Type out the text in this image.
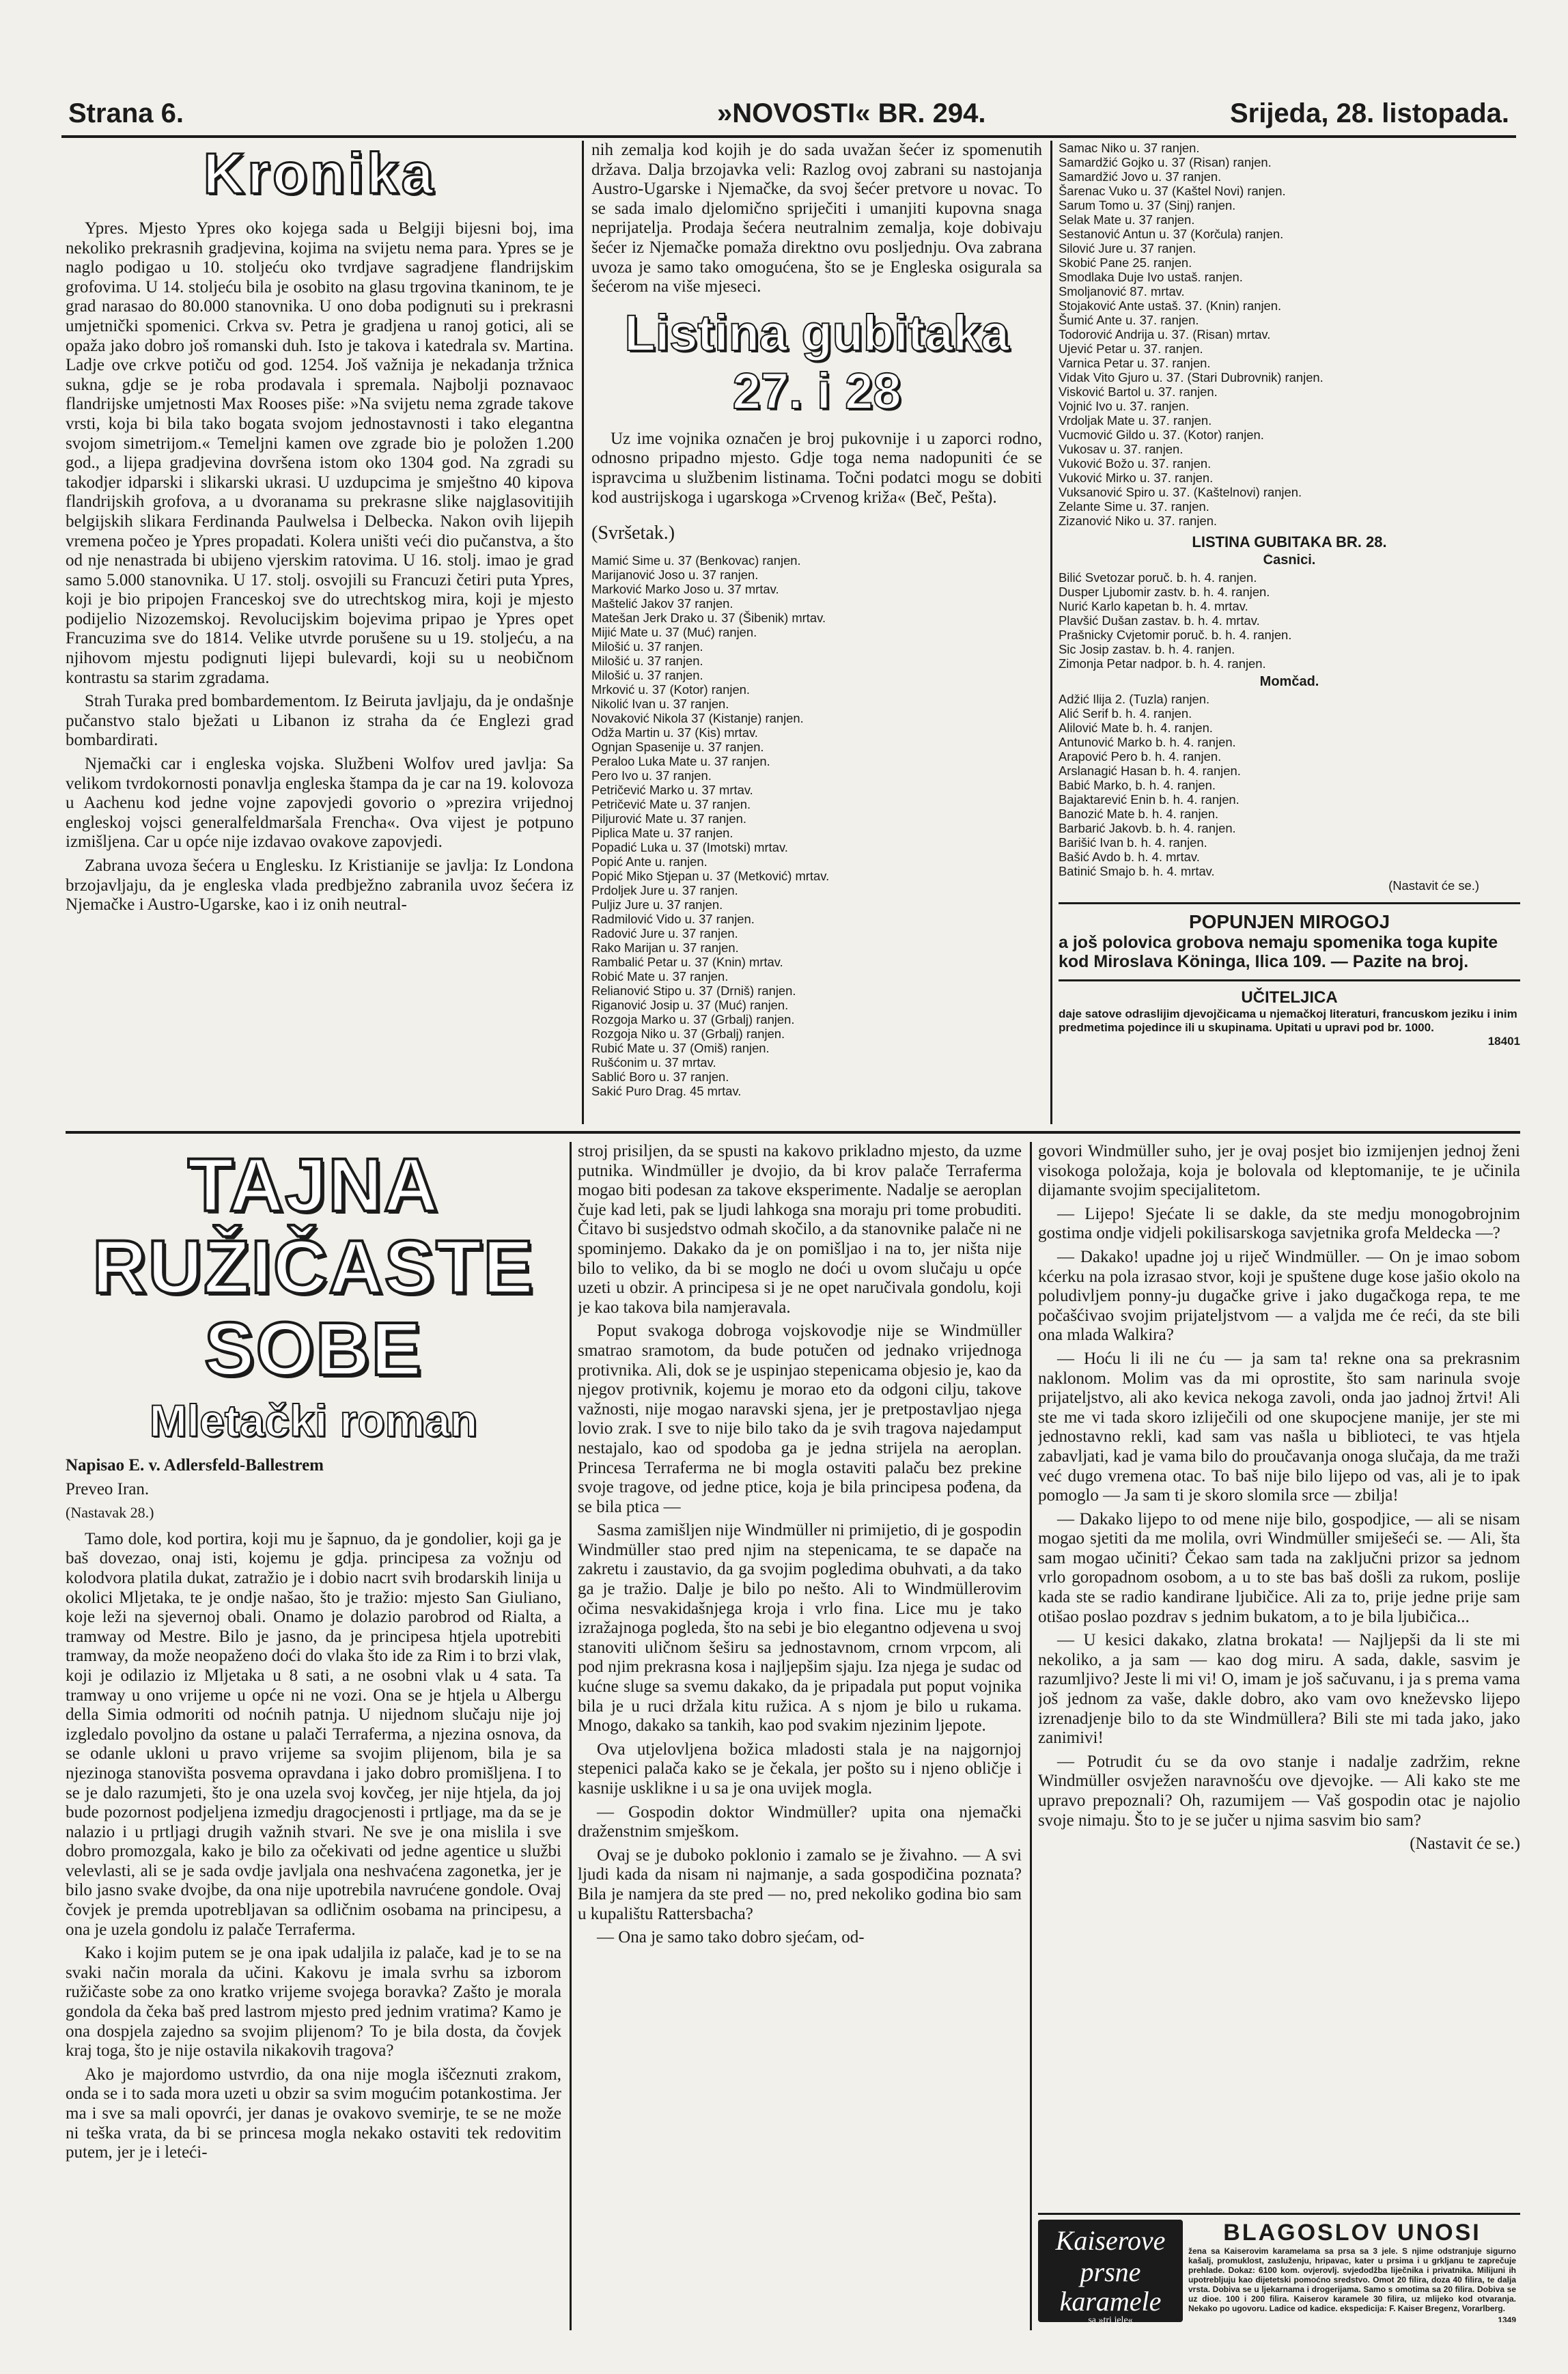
Strana 6.	»NOVOSTI« BR. 294.	Srijeda, 28. listopada.
Kronika

Ypres. Mjesto Ypres oko kojega sada u Belgiji bijesni boj, ima nekoliko prekrasnih gradjevina, kojima na svijetu nema para. Ypres se je naglo podigao u 10. stoljeću oko tvrdjave sagradjene flandrijskim grofovima. U 14. stoljeću bila je osobito na glasu trgovina tkaninom, te je grad narasao do 80.000 stanovnika. U ono doba podignuti su i prekrasni umjetnički spomenici. Crkva sv. Petra je gradjena u ranoj gotici, ali se opaža jako dobro još romanski duh. Isto je takova i katedrala sv. Martina. Ladje ove crkve potiču od god. 1254. Još važnija je nekadanja tržnica sukna, gdje se je roba prodavala i spremala. Najbolji poznavaoc flandrijske umjetnosti Max Rooses piše: »Na svijetu nema zgrade takove vrsti, koja bi bila tako bogata svojom jednostavnosti i tako elegantna svojom simetrijom.« Temeljni kamen ove zgrade bio je položen 1.200 god., a lijepa gradjevina dovršena istom oko 1304 god. Na zgradi su takodjer idparski i slikarski ukrasi. U uzdupcima je smještno 40 kipova flandrijskih grofova, a u dvoranama su prekrasne slike najglasovitijih belgijskih slikara Ferdinanda Paulwelsa i Delbecka. Nakon ovih lijepih vremena počeo je Ypres propadati. Kolera uništi veći dio pučanstva, a što od nje nenastrada bi ubijeno vjerskim ratovima. U 16. stolj. imao je grad samo 5.000 stanovnika. U 17. stolj. osvojili su Francuzi četiri puta Ypres, koji je bio pripojen Franceskoj sve do utrechtskog mira, koji je mjesto podijelio Nizozemskoj. Revolucijskim bojevima pripao je Ypres opet Francuzima sve do 1814. Velike utvrde porušene su u 19. stoljeću, a na njihovom mjestu podignuti lijepi bulevardi, koji su u neobičnom kontrastu sa starim zgradama.

Strah Turaka pred bombardementom. Iz Beiruta javljaju, da je ondašnje pučanstvo stalo bježati u Libanon iz straha da će Englezi grad bombardirati.

Njemački car i engleska vojska. Službeni Wolfov ured javlja: Sa velikom tvrdokornosti ponavlja engleska štampa da je car na 19. kolovoza u Aachenu kod jedne vojne zapovjedi govorio o »prezira vrijednoj engleskoj vojsci generalfeldmaršala Frencha«. Ova vijest je potpuno izmišljena. Car u opće nije izdavao ovakove zapovjedi.

Zabrana uvoza šećera u Englesku. Iz Kristianije se javlja: Iz Londona brzojavljaju, da je engleska vlada predbježno zabranila uvoz šećera iz Njemačke i Austro-Ugarske, kao i iz onih neutral-

nih zemalja kod kojih je do sada uvažan šećer iz spomenutih država. Dalja brzojavka veli: Razlog ovoj zabrani su nastojanja Austro-Ugarske i Njemačke, da svoj šećer pretvore u novac. To se sada imalo djelomično spriječiti i umanjiti kupovna snaga neprijatelja. Prodaja šećera neutralnim zemalja, koje dobivaju šećer iz Njemačke pomaža direktno ovu posljednju. Ova zabrana uvoza je samo tako omogućena, što se je Engleska osigurala sa šećerom na više mjeseci.

Listina gubitaka 27. i 28

Uz ime vojnika označen je broj pukovnije i u zaporci rodno, odnosno pripadno mjesto. Gdje toga nema nadopuniti će se ispravcima u službenim listinama. Točni podatci mogu se dobiti kod austrijskoga i ugarskoga »Crvenog križa« (Beč, Pešta).

(Svršetak.)

Mamić Sime u. 37 (Benkovac) ranjen.
Marijanović Joso u. 37 ranjen.
Marković Marko Joso u. 37 mrtav.
Maštelić Jakov 37 ranjen.
Matešan Jerk Drako u. 37 (Šibenik) mrtav.
Mijić Mate u. 37 (Muć) ranjen.
Milošić u. 37 ranjen.
Milošić u. 37 ranjen.
Milošić u. 37 ranjen.
Mrković u. 37 (Kotor) ranjen.
Nikolić Ivan u. 37 ranjen.
Novaković Nikola 37 (Kistanje) ranjen.
Odža Martin u. 37 (Kis) mrtav.
Ognjan Spasenije u. 37 ranjen.
Peraloo Luka Mate u. 37 ranjen.
Pero Ivo u. 37 ranjen.
Petričević Marko u. 37 mrtav.
Petričević Mate u. 37 ranjen.
Piljurović Mate u. 37 ranjen.
Piplica Mate u. 37 ranjen.
Popadić Luka u. 37 (Imotski) mrtav.
Popić Ante u. ranjen.
Popić Miko Stjepan u. 37 (Metković) mrtav.
Prdoljek Jure u. 37 ranjen.
Puljiz Jure u. 37 ranjen.
Radmilović Vido u. 37 ranjen.
Radović Jure u. 37 ranjen.
Rako Marijan u. 37 ranjen.
Rambalić Petar u. 37 (Knin) mrtav.
Robić Mate u. 37 ranjen.
Relianović Stipo u. 37 (Drniš) ranjen.
Riganović Josip u. 37 (Muć) ranjen.
Rozgoja Marko u. 37 (Grbalj) ranjen.
Rozgoja Niko u. 37 (Grbalj) ranjen.
Rubić Mate u. 37 (Omiš) ranjen.
Rušćonim u. 37 mrtav.
Sablić Boro u. 37 ranjen.
Sakić Puro Drag. 45 mrtav.
Samac Niko u. 37 ranjen.
Samardžić Gojko u. 37 (Risan) ranjen.
Samardžić Jovo u. 37 ranjen.
Šarenac Vuko u. 37 (Kaštel Novi) ranjen.
Sarum Tomo u. 37 (Sinj) ranjen.
Selak Mate u. 37 ranjen.
Sestanović Antun u. 37 (Korčula) ranjen.
Silović Jure u. 37 ranjen.
Skobić Pane 25. ranjen.
Smodlaka Duje Ivo ustaš. ranjen.
Smoljanović 87. mrtav.
Stojaković Ante ustaš. 37. (Knin) ranjen.
Šumić Ante u. 37. ranjen.
Todorović Andrija u. 37. (Risan) mrtav.
Ujević Petar u. 37. ranjen.
Varnica Petar u. 37. ranjen.
Vidak Vito Gjuro u. 37. (Stari Dubrovnik) ranjen.
Visković Bartol u. 37. ranjen.
Vojnić Ivo u. 37. ranjen.
Vrdoljak Mate u. 37. ranjen.
Vucmović Gildo u. 37. (Kotor) ranjen.
Vukosav u. 37. ranjen.
Vuković Božo u. 37. ranjen.
Vuković Mirko u. 37. ranjen.
Vuksanović Spiro u. 37. (Kaštelnovi) ranjen.
Zelante Sime u. 37. ranjen.
Zizanović Niko u. 37. ranjen.
LISTINA GUBITAKA BR. 28.
Časnici.
Bilić Svetozar poruč. b. h. 4. ranjen.
Dusper Ljubomir zastv. b. h. 4. ranjen.
Nurić Karlo kapetan b. h. 4. mrtav.
Plavšić Dušan zastav. b. h. 4. mrtav.
Prašnicky Cvjetomir poruč. b. h. 4. ranjen.
Sic Josip zastav. b. h. 4. ranjen.
Zimonja Petar nadpor. b. h. 4. ranjen.
Momčad.
Adžić Ilija 2. (Tuzla) ranjen.
Alić Serif b. h. 4. ranjen.
Alilović Mate b. h. 4. ranjen.
Antunović Marko b. h. 4. ranjen.
Arapović Pero b. h. 4. ranjen.
Arslanagić Hasan b. h. 4. ranjen.
Babić Marko, b. h. 4. ranjen.
Bajaktarević Enin b. h. 4. ranjen.
Banozić Mate b. h. 4. ranjen.
Barbarić Jakovb. b. h. 4. ranjen.
Barišić Ivan b. h. 4. ranjen.
Bašić Avdo b. h. 4. mrtav.
Batinić Smajo b. h. 4. mrtav.
(Nastavit će se.)
POPUNJEN MIROGOJ
a još polovica grobova nemaju spomenika toga kupite kod Miroslava Köninga, Ilica 109. — Pazite na broj.
UČITELJICA
daje satove odraslijim djevojčicama u njemačkoj literaturi, francuskom jeziku i inim predmetima pojedince ili u skupinama. Upitati u upravi pod br. 1000.
18401
TAJNA RUŽIČASTE SOBE
Mletački roman

Napisao E. v. Adlersfeld-Ballestrem

Preveo Iran.

(Nastavak 28.)

Tamo dole, kod portira, koji mu je šapnuo, da je gondolier, koji ga je baš dovezao, onaj isti, kojemu je gdja. principesa za vožnju od kolodvora platila dukat, zatražio je i dobio nacrt svih brodarskih linija u okolici Mljetaka, te je ondje našao, što je tražio: mjesto San Giuliano, koje leži na sjevernoj obali. Onamo je dolazio parobrod od Rialta, a tramway od Mestre. Bilo je jasno, da je principesa htjela upotrebiti tramway, da može neopaženo doći do vlaka što ide za Rim i to brzi vlak, koji je odilazio iz Mljetaka u 8 sati, a ne osobni vlak u 4 sata. Ta tramway u ono vrijeme u opće ni ne vozi. Ona se je htjela u Albergu della Simia odmoriti od noćnih patnja. U nijednom slučaju nije joj izgledalo povoljno da ostane u palači Terraferma, a njezina osnova, da se odanle ukloni u pravo vrijeme sa svojim plijenom, bila je sa njezinoga stanovišta posvema opravdana i jako dobro promišljena. I to se je dalo razumjeti, što je ona uzela svoj kovčeg, jer nije htjela, da joj bude pozornost podjeljena izmedju dragocjenosti i prtljage, ma da se je nalazio i u prtljagi drugih važnih stvari. Ne sve je ona mislila i sve dobro promozgala, kako je bilo za očekivati od jedne agentice u službi velevlasti, ali se je sada ovdje javljala ona neshvaćena zagonetka, jer je bilo jasno svake dvojbe, da ona nije upotrebila navrućene gondole. Ovaj čovjek je premda upotrebljavan sa odličnim osobama na principesu, a ona je uzela gondolu iz palače Terraferma.

Kako i kojim putem se je ona ipak udaljila iz palače, kad je to se na svaki način morala da učini. Kakovu je imala svrhu sa izborom ružičaste sobe za ono kratko vrijeme svojega boravka? Zašto je morala gondola da čeka baš pred lastrom mjesto pred jednim vratima? Kamo je ona dospjela zajedno sa svojim plijenom? To je bila dosta, da čovjek kraj toga, što je nije ostavila nikakovih tragova?

Ako je majordomo ustvrdio, da ona nije mogla iščeznuti zrakom, onda se i to sada mora uzeti u obzir sa svim mogućim potankostima. Jer ma i sve sa mali opovrći, jer danas je ovakovo svemirje, te se ne može ni teška vrata, da bi se princesa mogla nekako ostaviti tek redovitim putem, jer je i leteći-

stroj prisiljen, da se spusti na kakovo prikladno mjesto, da uzme putnika. Windmüller je dvojio, da bi krov palače Terraferma mogao biti podesan za takove eksperimente. Nadalje se aeroplan čuje kad leti, pak se ljudi lahkoga sna moraju pri tome probuditi. Čitavo bi susjedstvo odmah skočilo, a da stanovnike palače ni ne spominjemo. Dakako da je on pomišljao i na to, jer ništa nije bilo to veliko, da bi se moglo ne doći u ovom slučaju u opće uzeti u obzir. A principesa si je ne opet naručivala gondolu, koji je kao takova bila namjeravala.

Poput svakoga dobroga vojskovodje nije se Windmüller smatrao sramotom, da bude potučen od jednako vrijednoga protivnika. Ali, dok se je uspinjao stepenicama objesio je, kao da njegov protivnik, kojemu je morao eto da odgoni cilju, takove važnosti, nije mogao naravski sjena, jer je pretpostavljao njega lovio zrak. I sve to nije bilo tako da je svih tragova najedamput nestajalo, kao od spodoba ga je jedna strijela na aeroplan. Princesa Terraferma ne bi mogla ostaviti palaču bez prekine svoje tragove, od jedne ptice, koja je bila principesa pođena, da se bila ptica —

Sasma zamišljen nije Windmüller ni primijetio, di je gospodin Windmüller stao pred njim na stepenicama, te se dapače na zakretu i zaustavio, da ga svojim pogledima obuhvati, a da tako ga je tražio. Dalje je bilo po nešto. Ali to Windmüllerovim očima nesvakidašnjega kroja i vrlo fina. Lice mu je tako izražajnoga pogleda, što na sebi je bio elegantno odjevena u svoj stanoviti uličnom šeširu sa jednostavnom, crnom vrpcom, ali pod njim prekrasna kosa i najljepšim sjaju. Iza njega je sudac od kućne sluge sa svemu dakako, da je pripadala put poput vojnika bila je u ruci držala kitu ružica. A s njom je bilo u rukama. Mnogo, dakako sa tankih, kao pod svakim njezinim ljepote.

Ova utjelovljena božica mladosti stala je na najgornjoj stepenici palača kako se je čekala, jer pošto su i njeno obličje i kasnije usklikne i u sa je ona uvijek mogla.

— Gospodin doktor Windmüller? upita ona njemački draženstnim smješkom.

Ovaj se je duboko poklonio i zamalo se je živahno. — A svi ljudi kada da nisam ni najmanje, a sada gospodičina poznata? Bila je namjera da ste pred — no, pred nekoliko godina bio sam u kupalištu Rattersbacha?

— Ona je samo tako dobro sjećam, od-

govori Windmüller suho, jer je ovaj posjet bio izmijenjen jednoj ženi visokoga položaja, koja je bolovala od kleptomanije, te je učinila dijamante svojim specijalitetom.

— Lijepo! Sjećate li se dakle, da ste medju monogobrojnim gostima ondje vidjeli pokilisarskoga savjetnika grofa Meldecka —?

— Dakako! upadne joj u riječ Windmüller. — On je imao sobom kćerku na pola izrasao stvor, koji je spuštene duge kose jašio okolo na poludivljem ponny-ju dugačke grive i jako dugačkoga repa, te me počašćivao svojim prijateljstvom — a valjda me će reći, da ste bili ona mlada Walkira?

— Hoću li ili ne ću — ja sam ta! rekne ona sa prekrasnim naklonom. Molim vas da mi oprostite, što sam narinula svoje prijateljstvo, ali ako kevica nekoga zavoli, onda jao jadnoj žrtvi! Ali ste me vi tada skoro izliječili od one skupocjene manije, jer ste mi jednostavno rekli, kad sam vas našla u biblioteci, te vas htjela zabavljati, kad je vama bilo do proučavanja onoga slučaja, da me traži već dugo vremena otac. To baš nije bilo lijepo od vas, ali je to ipak pomoglo — Ja sam ti je skoro slomila srce — zbilja!

— Dakako lijepo to od mene nije bilo, gospodjice, — ali se nisam mogao sjetiti da me molila, ovri Windmüller smiješeći se. — Ali, šta sam mogao učiniti? Čekao sam tada na zaključni prizor sa jednom vrlo goropadnom osobom, a u to ste bas baš došli za rukom, poslije kada ste se radio kandirane ljubičice. Ali za to, prije jedne prije sam otišao poslao pozdrav s jednim bukatom, a to je bila ljubičica...

— U kesici dakako, zlatna brokata! — Najljepši da li ste mi nekoliko, a ja sam — kao dog miru. A sada, dakle, sasvim je razumljivo? Jeste li mi vi! O, imam je još sačuvanu, i ja s prema vama još jednom za vaše, dakle dobro, ako vam ovo kneževsko lijepo izrenadjenje bilo to da ste Windmüllera? Bili ste mi tada jako, jako zanimivi!

— Potrudit ću se da ovo stanje i nadalje zadržim, rekne Windmüller osvježen naravnošću ove djevojke. — Ali kako ste me upravo prepoznali? Oh, razumijem — Vaš gospodin otac je najolio svoje nimaju. Što to je se jučer u njima sasvim bio sam?

(Nastavit će se.)

Kaiserove
prsne
karamele
sa »tri jele«
BLAGOSLOV UNOSI
žena sa Kaiserovim karamelama sa prsa sa 3 jele. S njime odstranjuje sigurno kašalj, promuklost, zasluženju, hripavac, kater u prsima i u grkljanu te zaprečuje prehlade. Dokaz: 6100 kom. ovjerovlj. svjedodžba liječnika i privatnika. Milijuni ih upotrebljuju kao dijetetski pomoćno sredstvo. Omot 20 filira, doza 40 filira, te dalja vrsta. Dobiva se u ljekarnama i drogerijama. Samo s omotima sa 20 filira. Dobiva se uz dioe. 100 i 200 filira. Kaiserov karamele 30 filira, uz mlijeko kod otvaranja. Nekako po ugovoru. Ladice od kadice. ekspedicija: F. Kaiser Bregenz, Vorarlberg.
1349
